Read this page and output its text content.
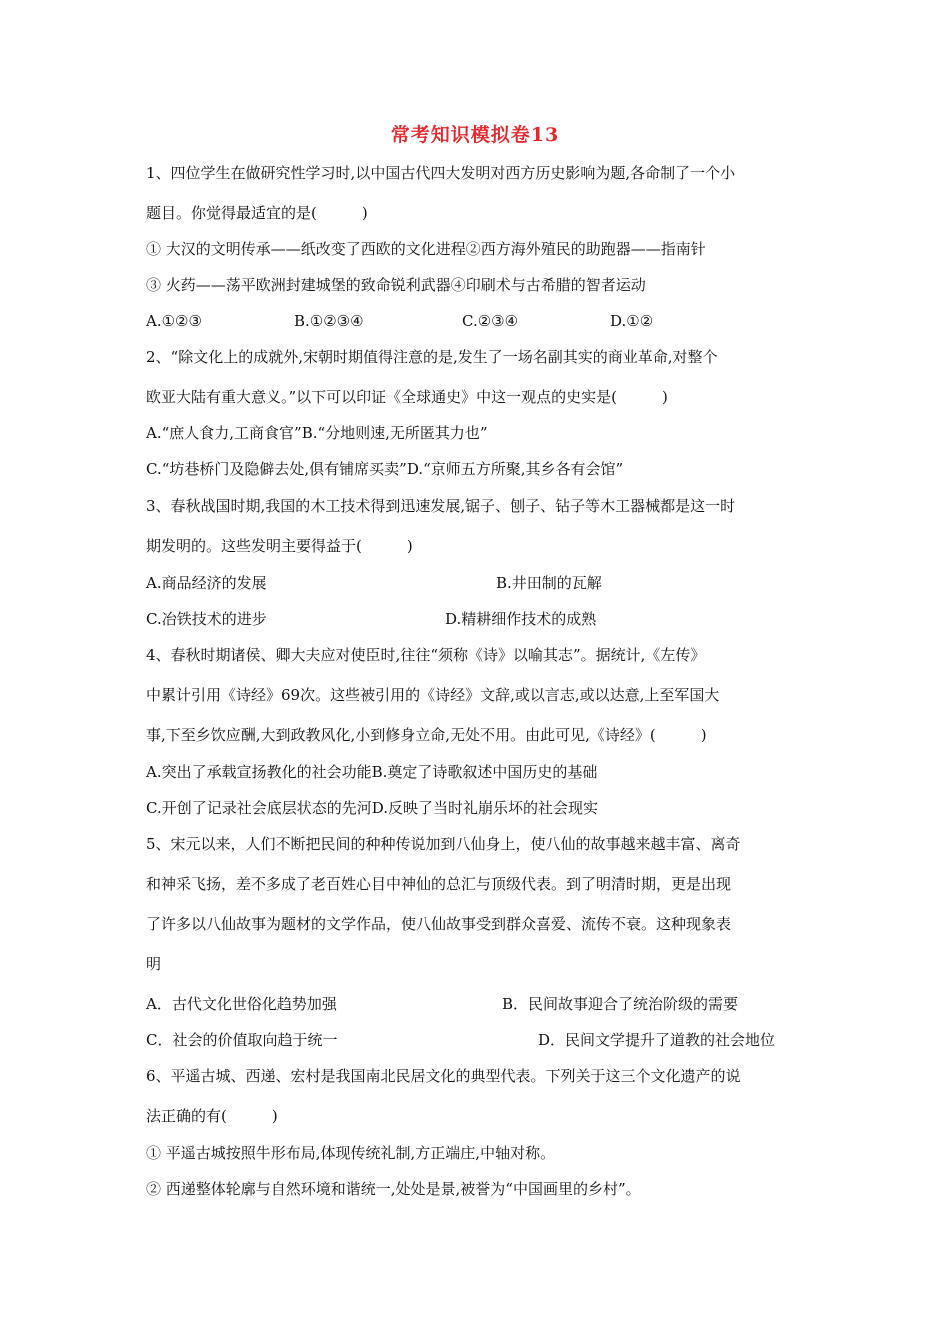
常考知识模拟卷13
1、四位学生在做研究性学习时,以中国古代四大发明对西方历史影响为题,各命制了一个小
题目。你觉得最适宜的是(　　　)
① 大汉的文明传承——纸改变了西欧的文化进程②西方海外殖民的助跑器——指南针
③ 火药——荡平欧洲封建城堡的致命锐利武器④印刷术与古希腊的智者运动
A.①②③	B.①②③④	C.②③④	D.①②
2、“除文化上的成就外,宋朝时期值得注意的是,发生了一场名副其实的商业革命,对整个
欧亚大陆有重大意义。”以下可以印证《全球通史》中这一观点的史实是(　　　)
A.“庶人食力,工商食官”B.“分地则速,无所匿其力也”
C.“坊巷桥门及隐僻去处,俱有铺席买卖”D.“京师五方所聚,其乡各有会馆”
3、春秋战国时期,我国的木工技术得到迅速发展,锯子、刨子、钻子等木工器械都是这一时
期发明的。这些发明主要得益于(　　　)
A.商品经济的发展	B.井田制的瓦解
C.冶铁技术的进步	D.精耕细作技术的成熟
4、春秋时期诸侯、卿大夫应对使臣时,往往“须称《诗》以喻其志”。据统计,《左传》
中累计引用《诗经》69次。这些被引用的《诗经》文辞,或以言志,或以达意,上至军国大
事,下至乡饮应酬,大到政教风化,小到修身立命,无处不用。由此可见,《诗经》(　　　)
A.突出了承载宣扬教化的社会功能B.奠定了诗歌叙述中国历史的基础
C.开创了记录社会底层状态的先河D.反映了当时礼崩乐坏的社会现实
5、宋元以来，人们不断把民间的种种传说加到八仙身上，使八仙的故事越来越丰富、离奇
和神采飞扬，差不多成了老百姓心目中神仙的总汇与顶级代表。到了明清时期，更是出现
了许多以八仙故事为题材的文学作品，使八仙故事受到群众喜爱、流传不衰。这种现象表
明
A．古代文化世俗化趋势加强	B．民间故事迎合了统治阶级的需要
C．社会的价值取向趋于统一	D．民间文学提升了道教的社会地位
6、平遥古城、西递、宏村是我国南北民居文化的典型代表。下列关于这三个文化遗产的说
法正确的有(　　　)
① 平遥古城按照牛形布局,体现传统礼制,方正端庄,中轴对称。
② 西递整体轮廓与自然环境和谐统一,处处是景,被誉为“中国画里的乡村”。
